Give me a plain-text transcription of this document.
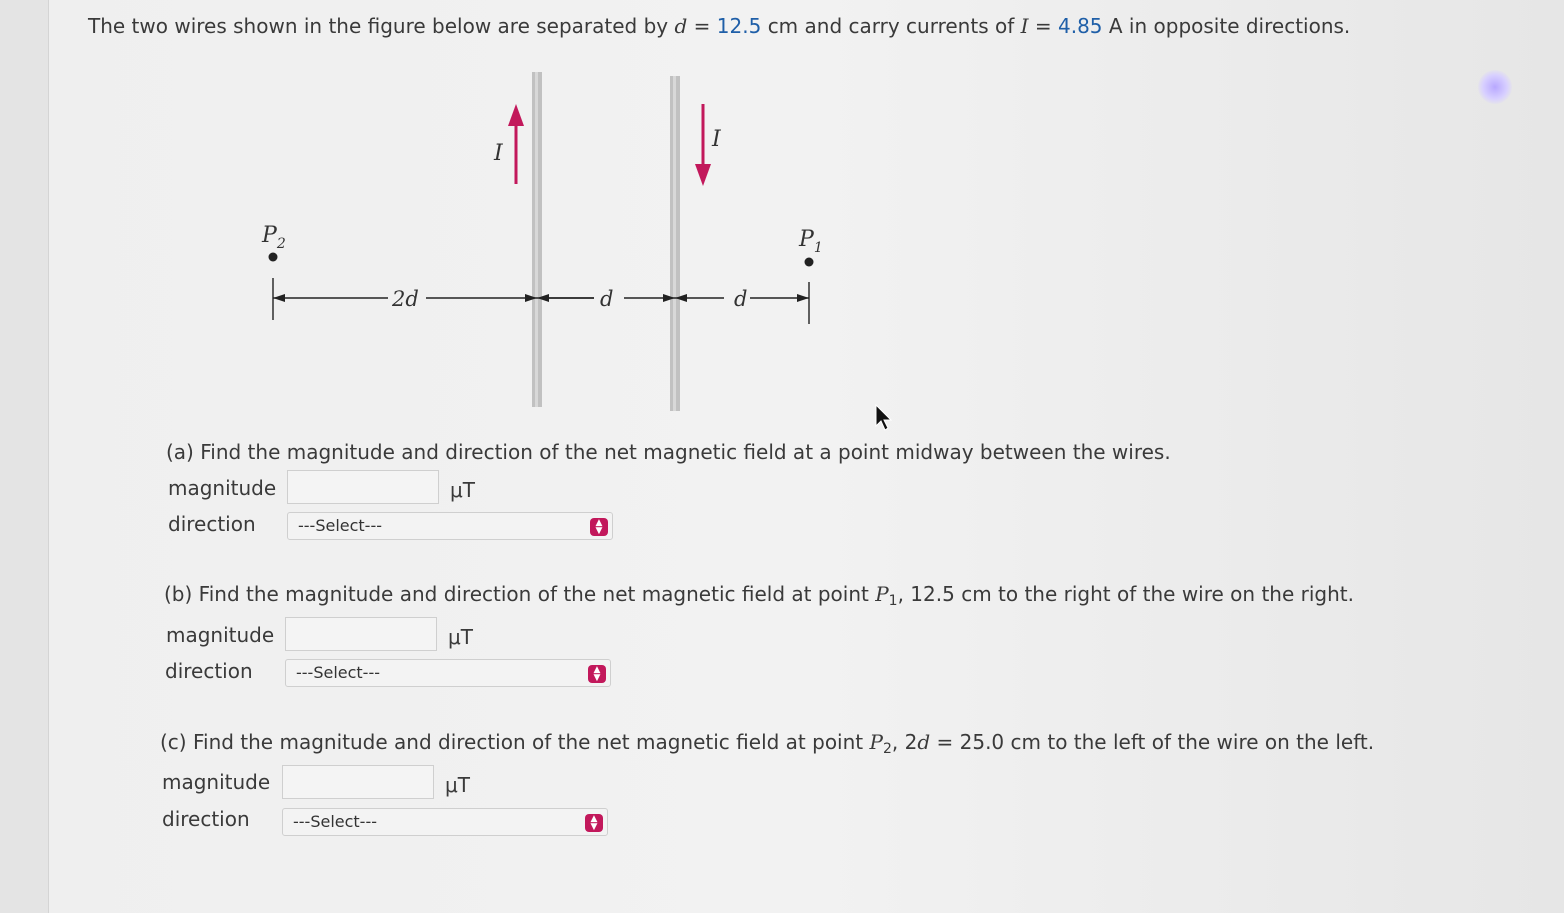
The two wires shown in the figure below are separated by d = 12.5 cm and carry currents of I = 4.85 A in opposite directions.
I
I
$P_2$	$P_1$
2d	d	d
(a) Find the magnitude and direction of the net magnetic field at a point midway between the wires.
magnitude	μT
direction	---Select---	▲
▼
(b) Find the magnitude and direction of the net magnetic field at point $P_1$, 12.5 cm to the right of the wire on the right.
magnitude	μT
direction	---Select---	▲
▼
(c) Find the magnitude and direction of the net magnetic field at point $P_2$, 2d = 25.0 cm to the left of the wire on the left.
magnitude	μT
direction	---Select---	▲
▼
